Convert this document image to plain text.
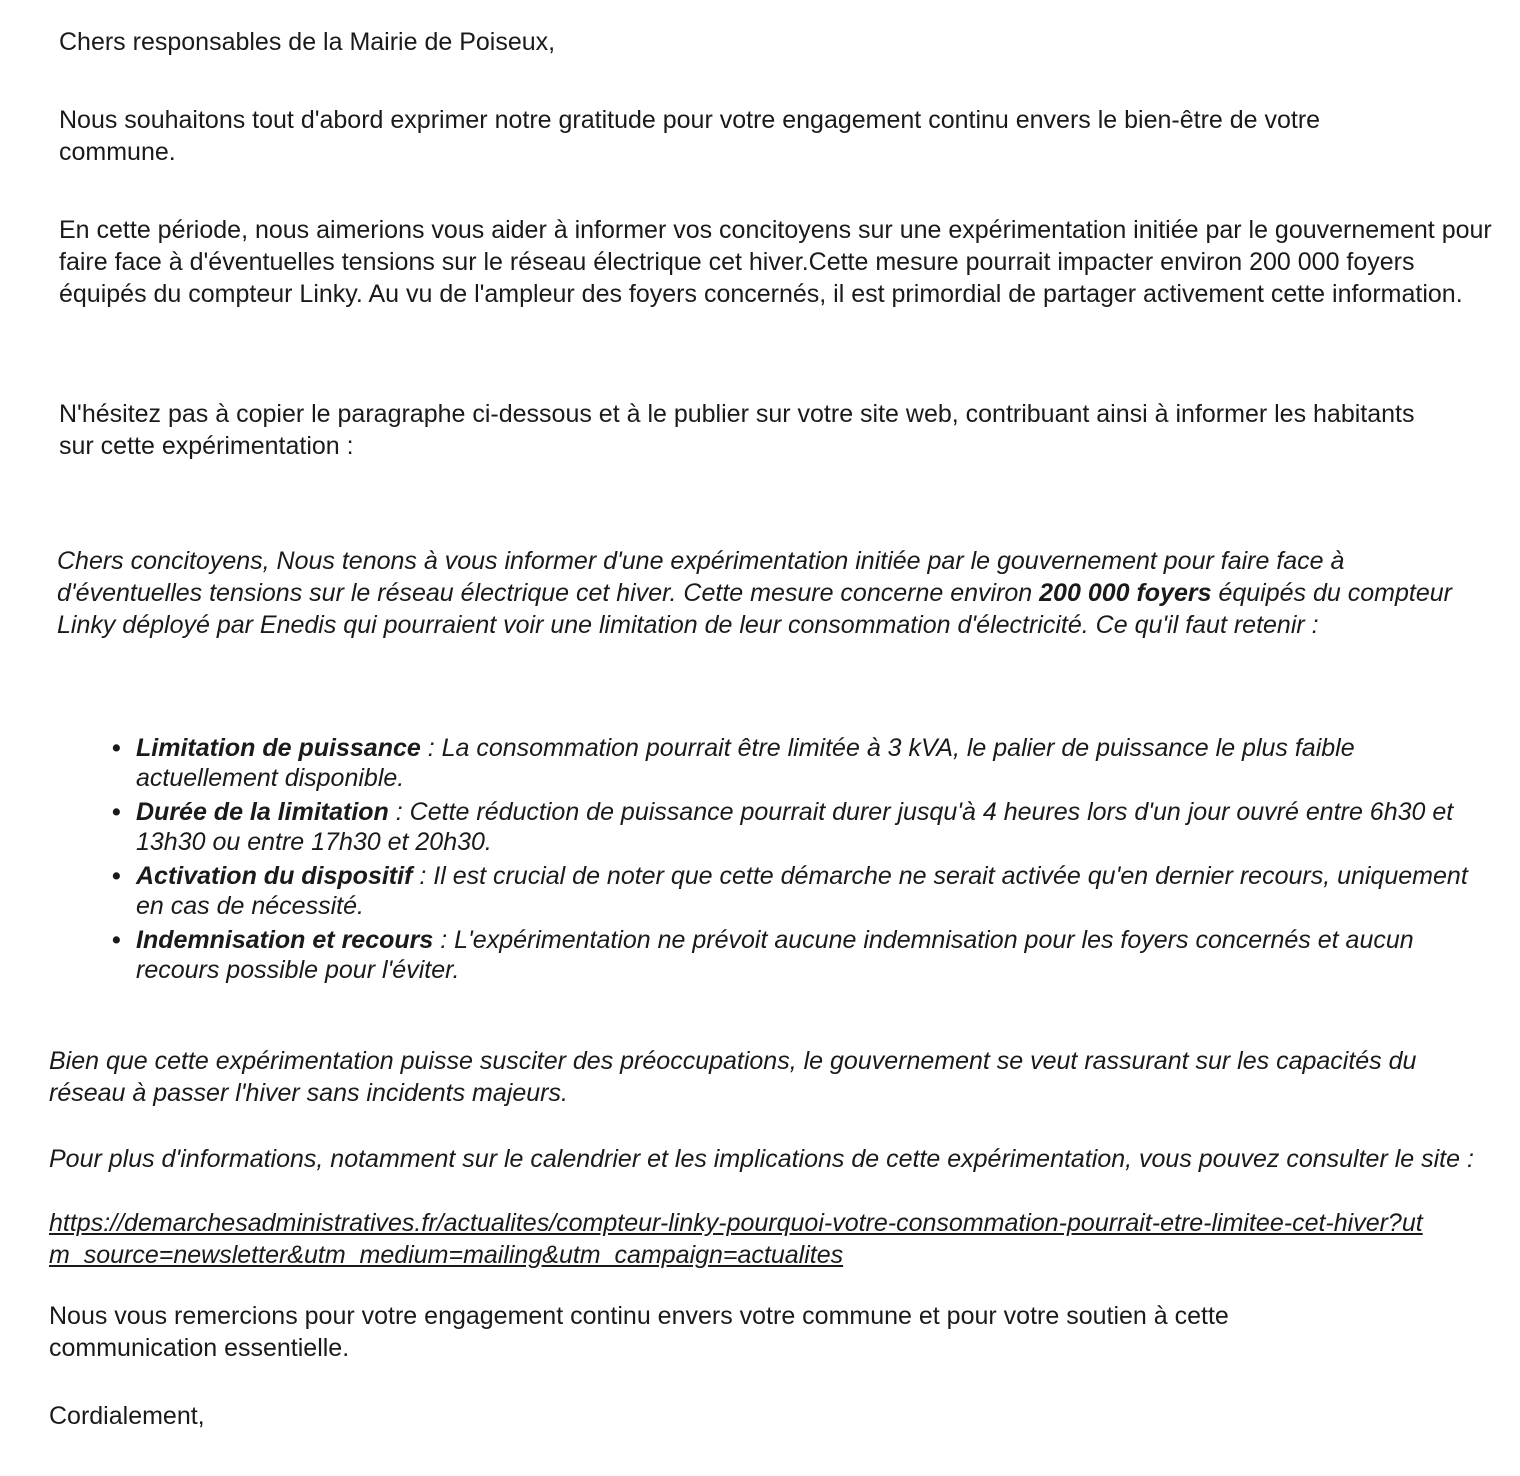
Chers responsables de la Mairie de Poiseux,

Nous souhaitons tout d'abord exprimer notre gratitude pour votre engagement continu envers le bien-être de votre commune.

En cette période, nous aimerions vous aider à informer vos concitoyens sur une expérimentation initiée par le gouvernement pour faire face à d'éventuelles tensions sur le réseau électrique cet hiver.Cette mesure pourrait impacter environ 200 000 foyers équipés du compteur Linky. Au vu de l'ampleur des foyers concernés, il est primordial de partager activement cette information.

N'hésitez pas à copier le paragraphe ci-dessous et à le publier sur votre site web, contribuant ainsi à informer les habitants sur cette expérimentation :

Chers concitoyens, Nous tenons à vous informer d'une expérimentation initiée par le gouvernement pour faire face à d'éventuelles tensions sur le réseau électrique cet hiver. Cette mesure concerne environ 200 000 foyers équipés du compteur Linky déployé par Enedis qui pourraient voir une limitation de leur consommation d'électricité. Ce qu'il faut retenir :

• Limitation de puissance : La consommation pourrait être limitée à 3 kVA, le palier de puissance le plus faible actuellement disponible.
• Durée de la limitation : Cette réduction de puissance pourrait durer jusqu'à 4 heures lors d'un jour ouvré entre 6h30 et 13h30 ou entre 17h30 et 20h30.
• Activation du dispositif : Il est crucial de noter que cette démarche ne serait activée qu'en dernier recours, uniquement en cas de nécessité.
• Indemnisation et recours : L'expérimentation ne prévoit aucune indemnisation pour les foyers concernés et aucun recours possible pour l'éviter.

Bien que cette expérimentation puisse susciter des préoccupations, le gouvernement se veut rassurant sur les capacités du réseau à passer l'hiver sans incidents majeurs.

Pour plus d'informations, notamment sur le calendrier et les implications de cette expérimentation, vous pouvez consulter le site :

https://demarchesadministratives.fr/actualites/compteur-linky-pourquoi-votre-consommation-pourrait-etre-limitee-cet-hiver?utm_source=newsletter&utm_medium=mailing&utm_campaign=actualites

Nous vous remercions pour votre engagement continu envers votre commune et pour votre soutien à cette communication essentielle.

Cordialement,
